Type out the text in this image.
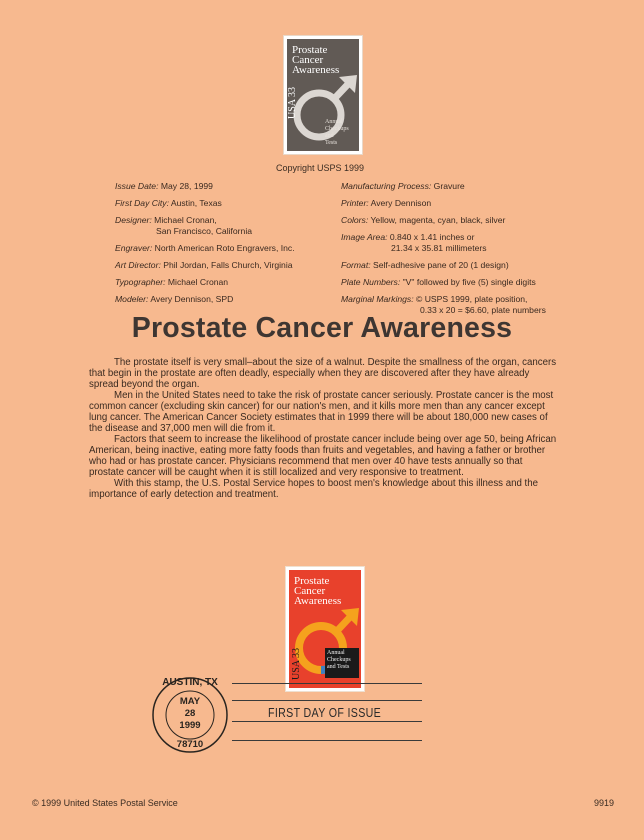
Prostate
Cancer
Awareness
USA 33
Annual
Checkups
and
Tests
Copyright USPS 1999
Issue Date: May 28, 1999
First Day City: Austin, Texas
Designer: Michael Cronan,
San Francisco, California
Engraver: North American Roto Engravers, Inc.
Art Director: Phil Jordan, Falls Church, Virginia
Typographer: Michael Cronan
Modeler: Avery Dennison, SPD
Manufacturing Process: Gravure
Printer: Avery Dennison
Colors: Yellow, magenta, cyan, black, silver
Image Area: 0.840 x 1.41 inches or
21.34 x 35.81 millimeters
Format: Self-adhesive pane of 20 (1 design)
Plate Numbers: "V" followed by five (5) single digits
Marginal Markings: © USPS 1999, plate position,
0.33 x 20 = $6.60, plate numbers
Prostate Cancer Awareness

The prostate itself is very small–about the size of a walnut. Despite the smallness of the organ, cancers that begin in the prostate are often deadly, especially when they are discovered after they have already spread beyond the organ.

Men in the United States need to take the risk of prostate cancer seriously. Prostate cancer is the most common cancer (excluding skin cancer) for our nation's men, and it kills more men than any cancer except lung cancer. The American Cancer Society estimates that in 1999 there will be about 180,000 new cases of the disease and 37,000 men will die from it.

Factors that seem to increase the likelihood of prostate cancer include being over age 50, being African American, being inactive, eating more fatty foods than fruits and vegetables, and having a father or brother who had or has prostate cancer. Physicians recommend that men over 40 have tests annually so that prostate cancer will be caught when it is still localized and very responsive to treatment.

With this stamp, the U.S. Postal Service hopes to boost men's knowledge about this illness and the importance of early detection and treatment.

Prostate
Cancer
Awareness
USA 33	Annual
Checkups
and Tests
FIRST DAY OF ISSUE
AUSTIN, TX
MAY
28
1999
78710
© 1999 United States Postal Service	9919
